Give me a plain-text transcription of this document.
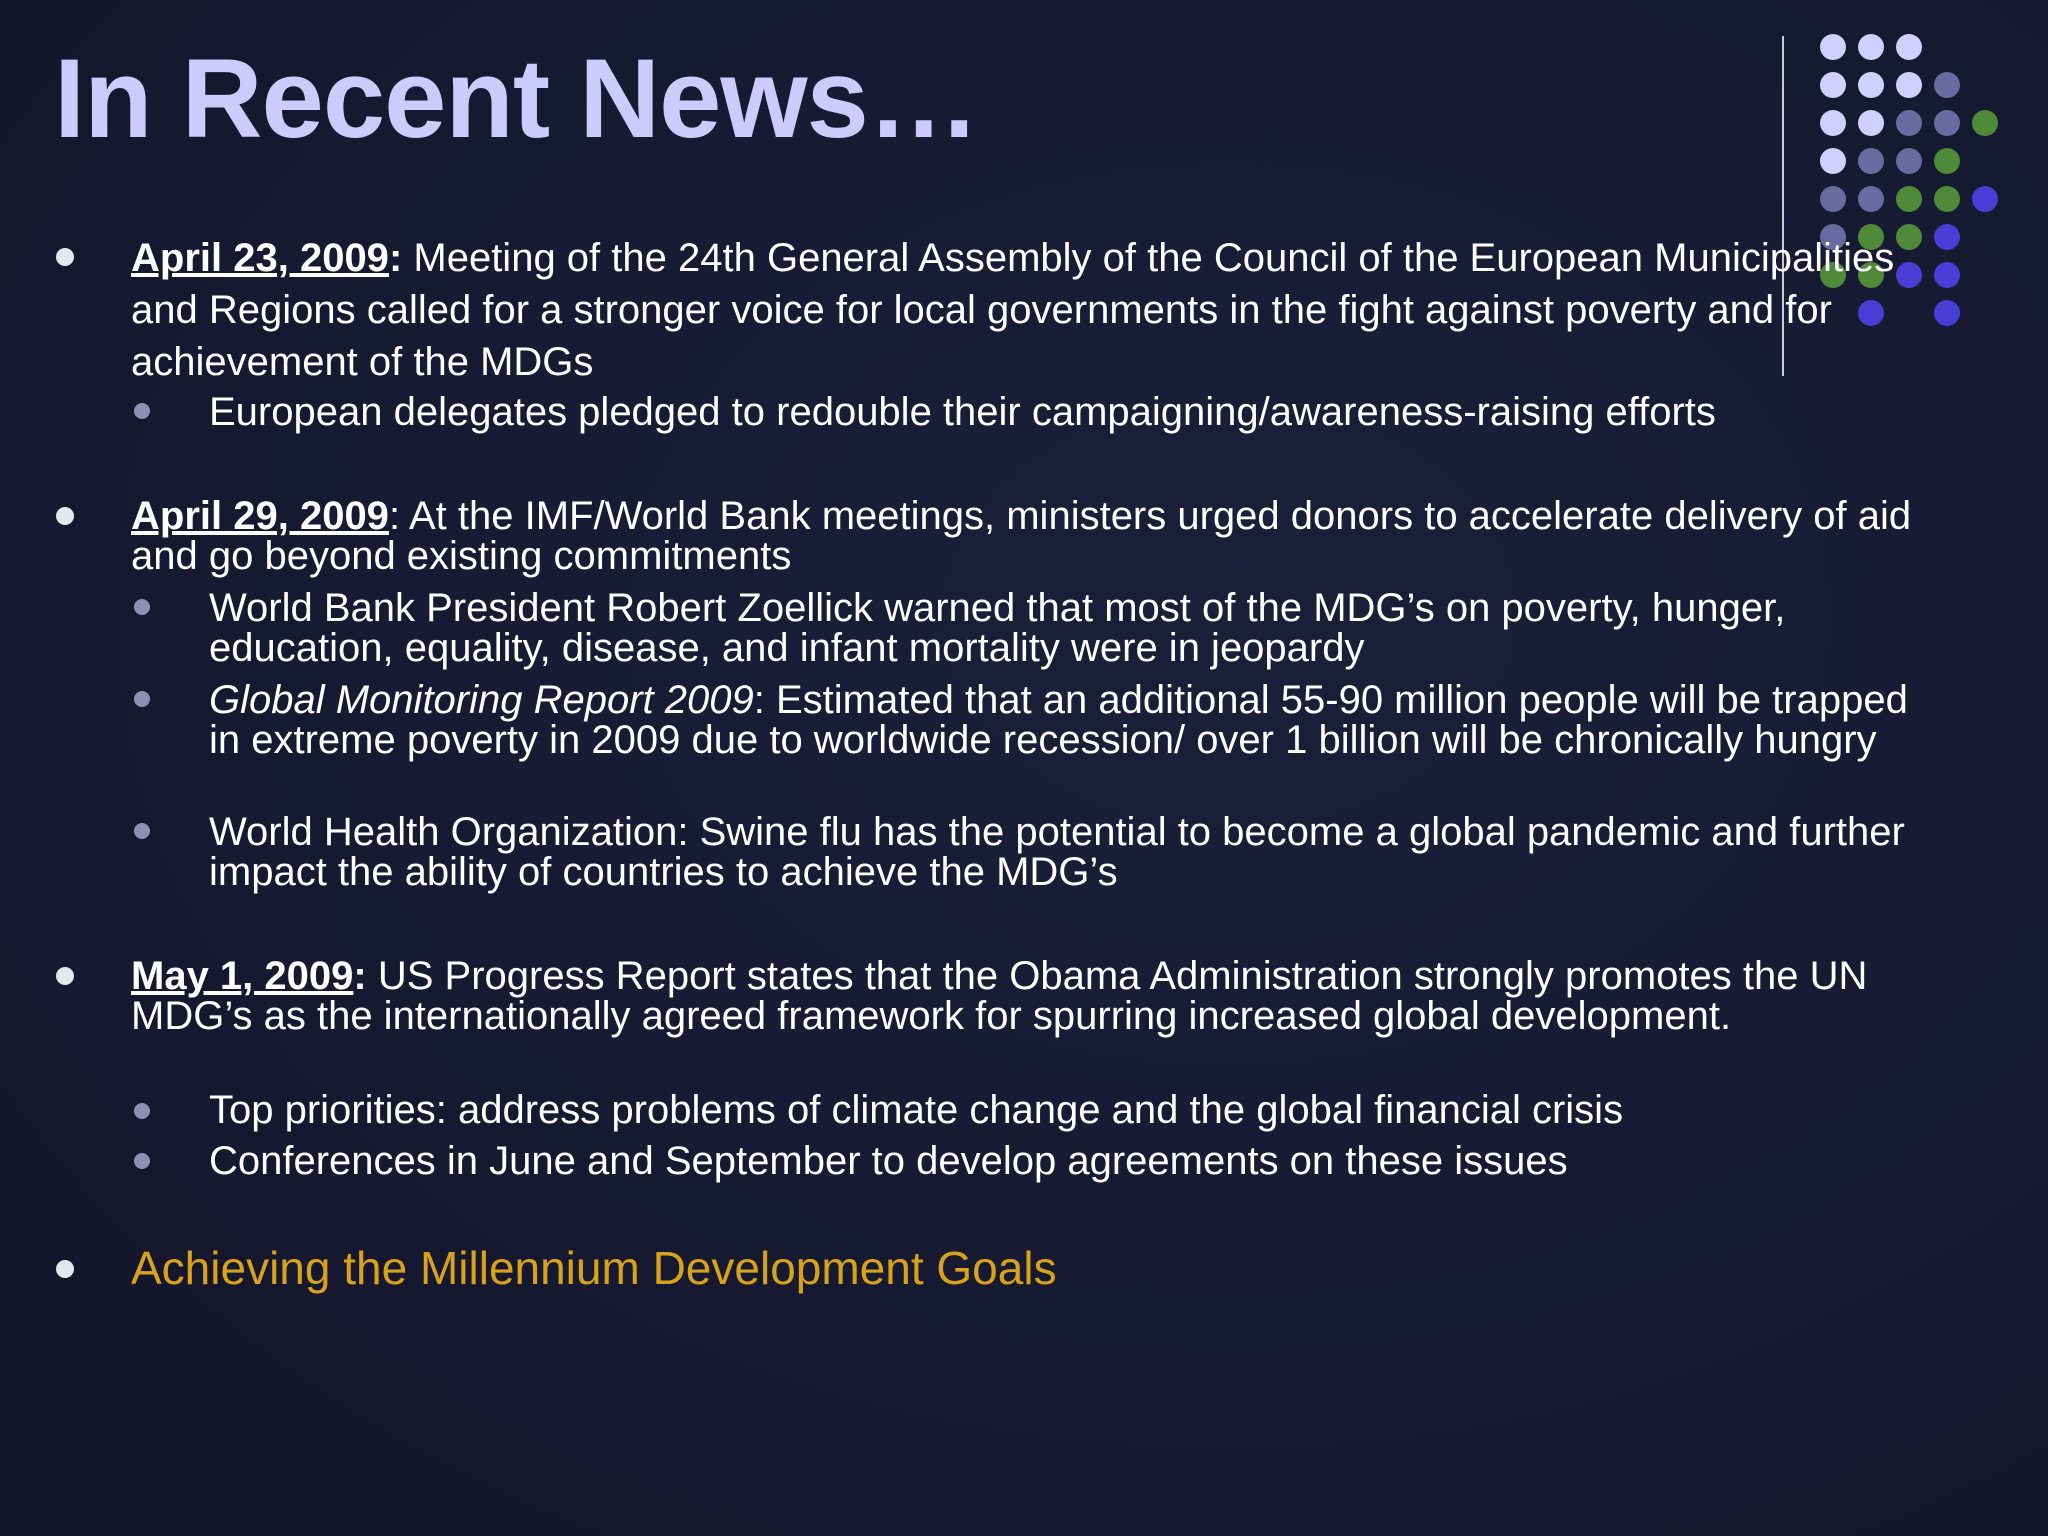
In Recent News…
April 23, 2009: Meeting of the 24th General Assembly of the Council of the European Municipalities and Regions called for a stronger voice for local governments in the fight against poverty and for achievement of the MDGs
European delegates pledged to redouble their campaigning/awareness-raising efforts
April 29, 2009: At the IMF/World Bank meetings, ministers urged donors to accelerate delivery of aid and go beyond existing commitments
World Bank President Robert Zoellick warned that most of the MDG’s on poverty, hunger, education, equality, disease, and infant mortality were in jeopardy
Global Monitoring Report 2009: Estimated that an additional 55-90 million people will be trapped in extreme poverty in 2009 due to worldwide recession/ over 1 billion will be chronically hungry
World Health Organization: Swine flu has the potential to become a global pandemic and further impact the ability of countries to achieve the MDG’s
May 1, 2009: US Progress Report states that the Obama Administration strongly promotes the UN MDG’s as the internationally agreed framework for spurring increased global development.
Top priorities: address problems of climate change and the global financial crisis
Conferences in June and September to develop agreements on these issues
Achieving the Millennium Development Goals
